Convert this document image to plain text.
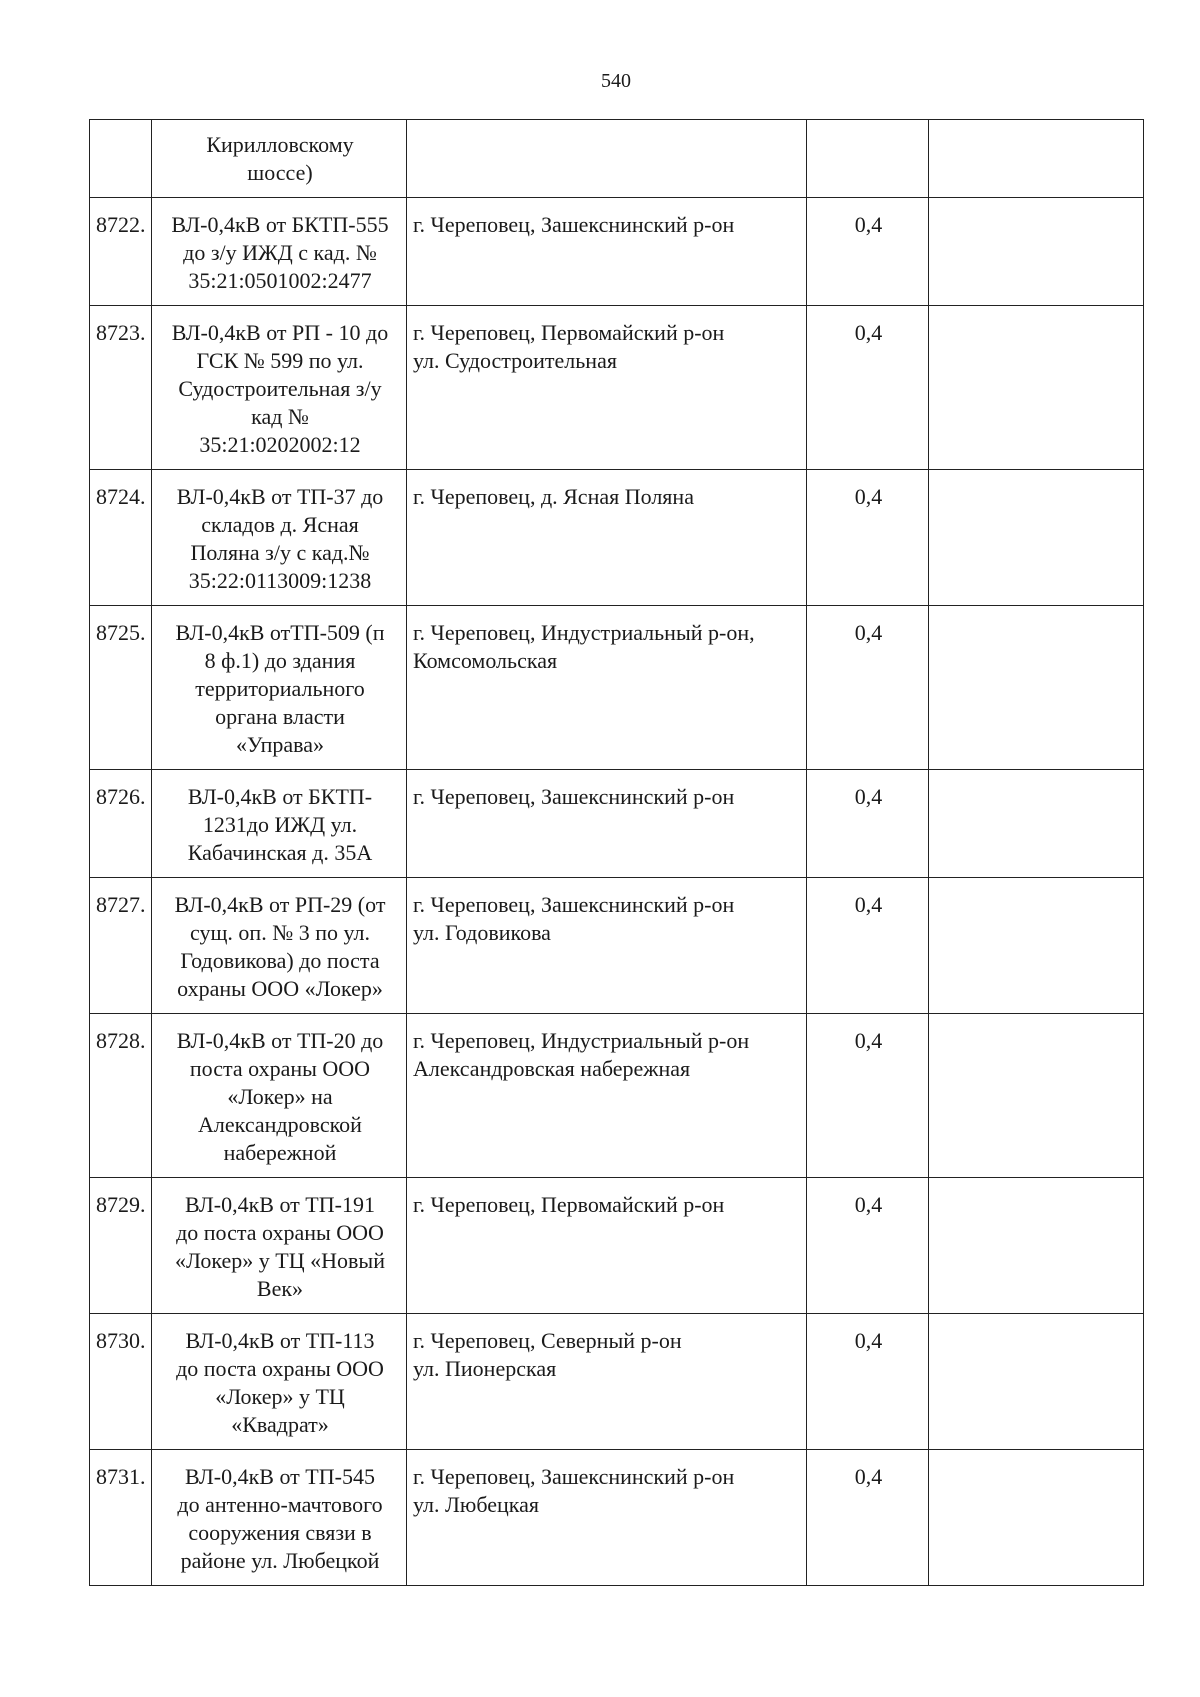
540

	Кирилловскому
шоссе)			

8722.	ВЛ-0,4кВ от БКТП-555
до з/у ИЖД с кад. №
35:21:0501002:2477	г. Череповец, Зашекснинский р-он	0,4	
8723.	ВЛ-0,4кВ от РП - 10 до
ГСК № 599 по ул.
Судостроительная з/у
кад №
35:21:0202002:12	г. Череповец, Первомайский р-он
ул. Судостроительная	0,4	
8724.	ВЛ-0,4кВ от ТП-37 до
складов д. Ясная
Поляна з/у с кад.№
35:22:0113009:1238	г. Череповец, д. Ясная Поляна	0,4	
8725.	ВЛ-0,4кВ отТП-509 (п
8 ф.1) до здания
территориального
органа власти
«Управа»	г. Череповец, Индустриальный р-он,
Комсомольская	0,4	
8726.	ВЛ-0,4кВ от БКТП-
1231до ИЖД ул.
Кабачинская д. 35А	г. Череповец, Зашекснинский р-он	0,4	
8727.	ВЛ-0,4кВ от РП-29 (от
сущ. оп. № 3 по ул.
Годовикова) до поста
охраны ООО «Локер»	г. Череповец, Зашекснинский р-он
ул. Годовикова	0,4	
8728.	ВЛ-0,4кВ от ТП-20 до
поста охраны ООО
«Локер» на
Александровской
набережной	г. Череповец, Индустриальный р-он
Александровская набережная	0,4	
8729.	ВЛ-0,4кВ от ТП-191
до поста охраны ООО
«Локер» у ТЦ «Новый
Век»	г. Череповец, Первомайский р-он	0,4	
8730.	ВЛ-0,4кВ от ТП-113
до поста охраны ООО
«Локер» у ТЦ
«Квадрат»	г. Череповец, Северный р-он
ул. Пионерская	0,4	
8731.	ВЛ-0,4кВ от ТП-545
до антенно-мачтового
сооружения связи в
районе ул. Любецкой	г. Череповец, Зашекснинский р-он
ул. Любецкая	0,4	
